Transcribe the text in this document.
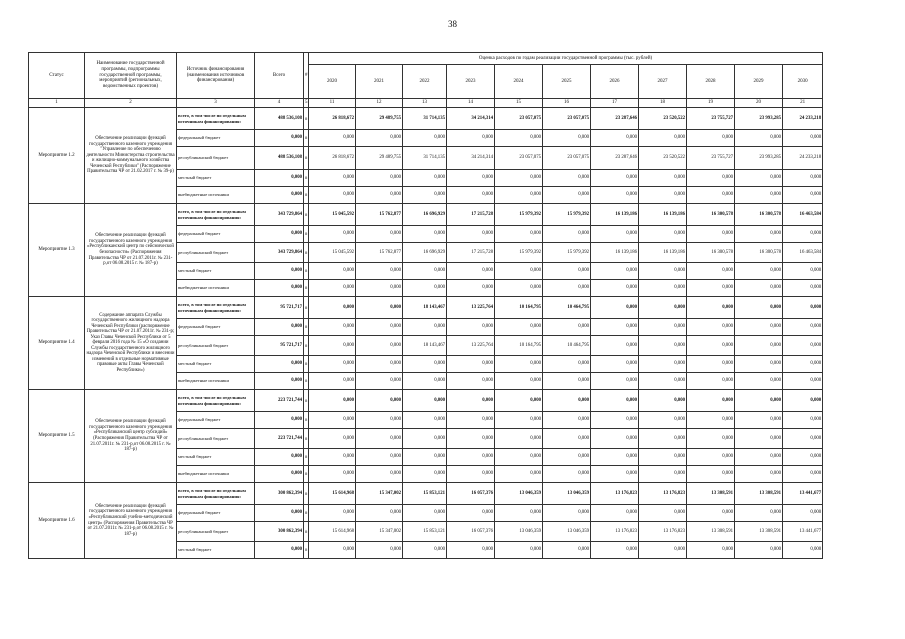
38
Статус	Наименование государственной программы, подпрограммы государственной программы, мероприятий (региональных, ведомственных проектов)	Источник финансирования (наименования источников финансирования)	Всего	#	Оценка расходов по годам реализации государственной программы (тыс. рублей)										
					2020	2021	2022	2023	2024	2025	2026	2027	2028	2029	2030
1	2	3	4	5	11	12	13	14	15	16	17	18	19	20	21
Мероприятие 1.2	Обеспечение реализации функций государственного казенного учреждения "Управление по обеспечению деятельности Министерства строительства и жилищно-коммунального хозяйства Чеченской Республики" (Распоряжение Правительства ЧР от 21.02.2017 г. № 39-р)	всего, в том числе по отдельным источникам финансирования:	488 536,108	#	26 818,672	29 489,755	31 714,135	34 214,314	23 057,075	23 057,075	23 287,646	23 520,522	23 755,727	23 993,285	24 233,218
		федеральный бюджет	0,000	#	0,000	0,000	0,000	0,000	0,000	0,000	0,000	0,000	0,000	0,000	0,000
		республиканский бюджет	488 536,108	#	26 818,672	29 489,755	31 714,135	34 214,314	23 057,075	23 057,075	23 287,646	23 520,522	23 755,727	23 993,285	24 233,218
		местный бюджет	0,000	#	0,000	0,000	0,000	0,000	0,000	0,000	0,000	0,000	0,000	0,000	0,000
		внебюджетные источники	0,000	#	0,000	0,000	0,000	0,000	0,000	0,000	0,000	0,000	0,000	0,000	0,000
Мероприятие 1.3	Обеспечение реализации функций государственного казенного учреждения «Республиканский центр по сейсмической безопасности» (Распоряжения Правительства ЧР от 21.07.2011г. № 231-р,от 06.08.2015 г. № 187-р)	всего, в том числе по отдельным источникам финансирования:	343 729,864	#	15 045,592	15 762,877	16 696,929	17 215,728	15 979,392	15 979,392	16 139,186	16 139,186	16 300,578	16 300,578	16 463,584
		федеральный бюджет	0,000	#	0,000	0,000	0,000	0,000	0,000	0,000	0,000	0,000	0,000	0,000	0,000
		республиканский бюджет	343 729,864	#	15 045,592	15 762,877	16 696,929	17 215,728	15 979,392	15 979,392	16 139,186	16 139,186	16 300,578	16 300,578	16 463,584
		местный бюджет	0,000	#	0,000	0,000	0,000	0,000	0,000	0,000	0,000	0,000	0,000	0,000	0,000
		внебюджетные источники	0,000	#	0,000	0,000	0,000	0,000	0,000	0,000	0,000	0,000	0,000	0,000	0,000
Мероприятие 1.4	Содержание аппарата Службы государственного жилищного надзора Чеченской Республики (распоряжение Правительства ЧР от 21.07.2011г. № 231-р; Указ Главы Чеченской Республики от 5 февраля 2016 года № 15 «О создании Службы государственного жилищного надзора Чеченской Республики и внесении изменений в отдельные нормативные правовые акты Главы Чеченской Республики»)	всего, в том числе по отдельным источникам финансирования:	95 721,717	#	0,000	0,000	18 143,467	13 225,764	10 164,795	10 464,795	0,000	0,000	0,000	0,000	0,000
		федеральный бюджет	0,000	#	0,000	0,000	0,000	0,000	0,000	0,000	0,000	0,000	0,000	0,000	0,000
		республиканский бюджет	95 721,717	#	0,000	0,000	18 143,467	13 225,764	10 164,795	10 464,795	0,000	0,000	0,000	0,000	0,000
		местный бюджет	0,000	#	0,000	0,000	0,000	0,000	0,000	0,000	0,000	0,000	0,000	0,000	0,000
		внебюджетные источники	0,000	#	0,000	0,000	0,000	0,000	0,000	0,000	0,000	0,000	0,000	0,000	0,000
Мероприятие 1.5	Обеспечение реализации функций государственного казенного учреждения «Республиканский центр субсидий» (Распоряжения Правительства ЧР от 21.07.2011г. № 231-р,от 06.08.2015 г. № 187-р)	всего, в том числе по отдельным источникам финансирования:	223 721,744	#	0,000	0,000	0,000	0,000	0,000	0,000	0,000	0,000	0,000	0,000	0,000
		федеральный бюджет	0,000	#	0,000	0,000	0,000	0,000	0,000	0,000	0,000	0,000	0,000	0,000	0,000
		республиканский бюджет	223 721,744	#	0,000	0,000	0,000	0,000	0,000	0,000	0,000	0,000	0,000	0,000	0,000
		местный бюджет	0,000	#	0,000	0,000	0,000	0,000	0,000	0,000	0,000	0,000	0,000	0,000	0,000
		внебюджетные источники	0,000	#	0,000	0,000	0,000	0,000	0,000	0,000	0,000	0,000	0,000	0,000	0,000
Мероприятие 1.6	Обеспечение реализации функций государственного казенного учреждения «Республиканский учебно-методический центр» (Распоряжения Правительства ЧР от 21.07.2011г. № 231-р,от 06.08.2015 г. № 187-р)	всего, в том числе по отдельным источникам финансирования:	300 862,394	#	15 614,968	15 347,002	15 853,121	16 057,376	13 046,359	13 046,359	13 176,823	13 176,823	13 308,591	13 308,591	13 441,677
		федеральный бюджет	0,000	#	0,000	0,000	0,000	0,000	0,000	0,000	0,000	0,000	0,000	0,000	0,000
		республиканский бюджет	300 862,394	#	15 614,968	15 347,002	15 853,121	16 057,376	13 046,359	13 046,359	13 176,823	13 176,823	13 308,591	13 308,591	13 441,677
		местный бюджет	0,000	#	0,000	0,000	0,000	0,000	0,000	0,000	0,000	0,000	0,000	0,000	0,000
